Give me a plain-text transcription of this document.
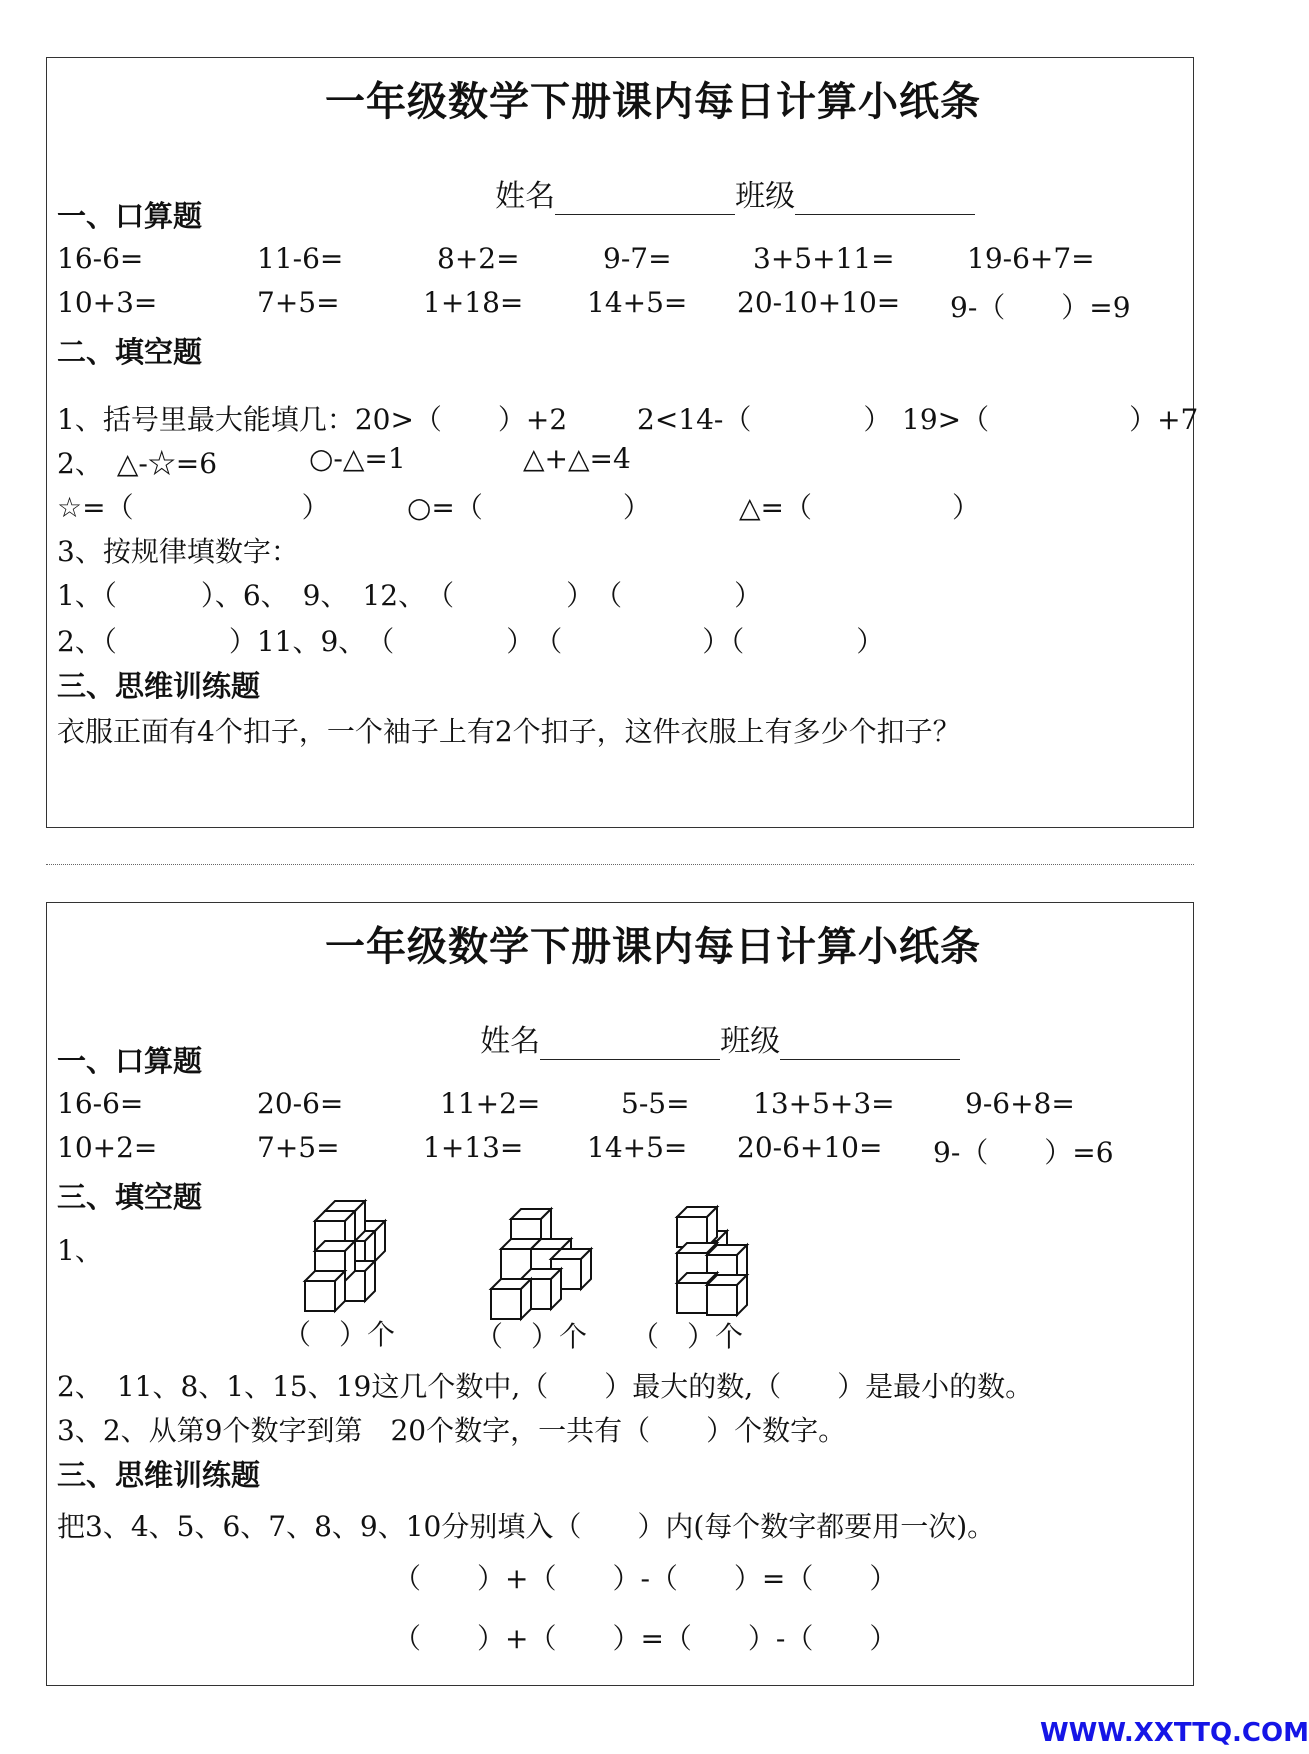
一年级数学下册课内每日计算小纸条

姓名	班级

一、口算题
16-6=	11-6=	8+2=	9-7=	3+5+11=	19-6+7=
10+3=	7+5=	1+18= 14+5= 20-10+10= 9-（　　）=9
二、填空题
1、括号里最大能填几：20>（　　）+2 2<14-（　　　　） 19>（　　　　　）+7
2、　△-☆=6	○-△=1	△+△=4
☆=（　　　　　　）	○=（　　　　　）	△=（　　　　　）
3、按规律填数字：
1、（　　　）、6、　9、　12、　（　　　　）　（　　　　）
2、（　　　　）11、9、　（　　　　）　（　　　　　）（　　　　）
三、思维训练题
衣服正面有4个扣子，一个袖子上有2个扣子，这件衣服上有多少个扣子？
一年级数学下册课内每日计算小纸条

姓名	班级

一、口算题
16-6=	20-6=	11+2=	5-5= 13+5+3=	9-6+8=
10+2=	7+5=	1+13= 14+5= 20-6+10= 9-（　　）=6
三、填空题
1、
（　）个	（　）个 （　）个
2、　11、8、1、15、19这几个数中,（　　）最大的数,（　　）是最小的数。
3、2、从第9个数字到第　20个数字，一共有（　　）个数字。
三、思维训练题
把3、4、5、6、7、8、9、10分别填入（　　）内(每个数字都要用一次)。
（　　）+（　　）-（　　）=（　　）
（　　）+（　　）=（　　）-（　　）
WWW.XXTTQ.COM
